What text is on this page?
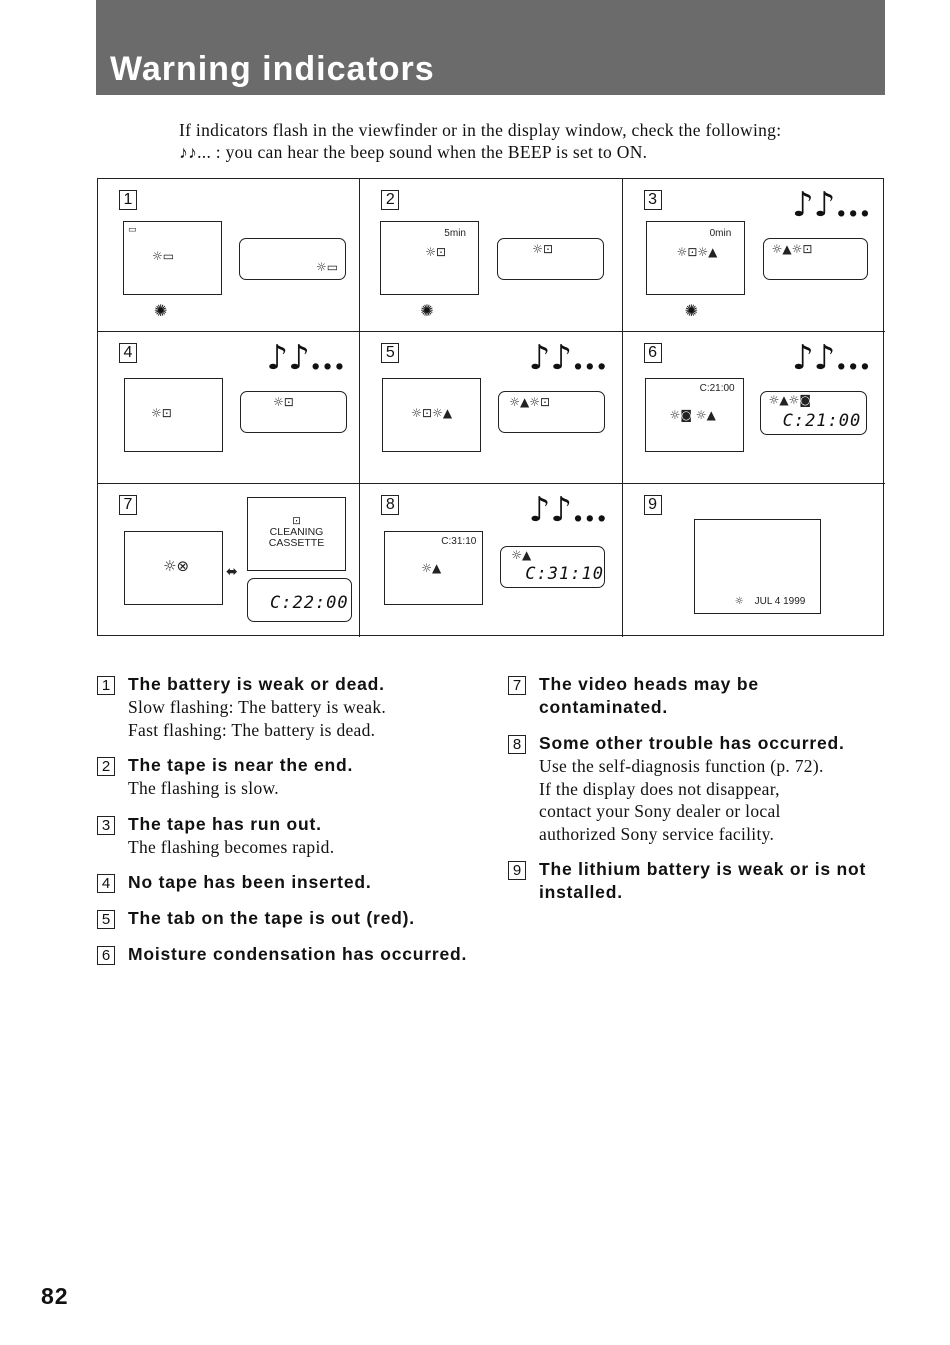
Warning indicators
If indicators flash in the viewfinder or in the display window, check the following:
♪♪... : you can hear the beep sound when the BEEP is set to ON.
1
▭
☼▭
☼▭
✺
2
5min
☼⊡	☼⊡
✺
3	♪♪...
0min
☼⊡☼▲	☼▲☼⊡
✺
4	♪♪...
☼⊡
☼⊡
5	♪♪...
☼⊡☼▲
☼▲☼⊡
6	♪♪...
C:21:00
☼◙ ☼▲
☼▲☼◙
C:21:00
7
☼⊗	⬌
⊡
CLEANING
CASSETTE
C:22:00
8	♪♪...
C:31:10
☼▲
☼▲
C:31:10
9
☼ JUL 4 1999
1 The battery is weak or dead.
Slow flashing: The battery is weak.
Fast flashing: The battery is dead.
2 The tape is near the end.
The flashing is slow.
3 The tape has run out.
The flashing becomes rapid.
4 No tape has been inserted.
5 The tab on the tape is out (red).
6 Moisture condensation has occurred.
7 The video heads may be contaminated.
8 Some other trouble has occurred.
Use the self-diagnosis function (p. 72).
If the display does not disappear,
contact your Sony dealer or local
authorized Sony service facility.
9 The lithium battery is weak or is not installed.
82
